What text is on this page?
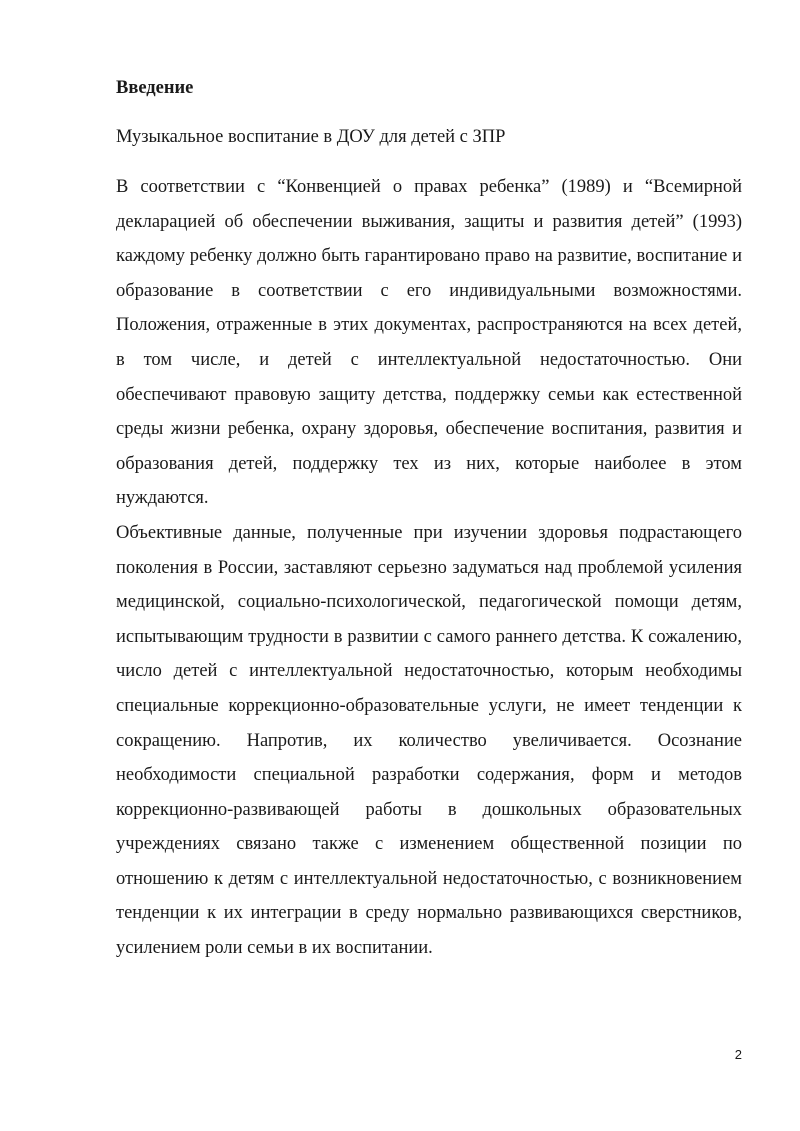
Введение

Музыкальное воспитание в ДОУ для детей с ЗПР

В соответствии с “Конвенцией о правах ребенка” (1989) и “Всемирной декларацией об обеспечении выживания, защиты и развития детей” (1993) каждому ребенку должно быть гарантировано право на развитие, воспитание и образование в соответствии с его индивидуальными возможностями. Положения, отраженные в этих документах, распространяются на всех детей, в том числе, и детей с интеллектуальной недостаточностью. Они обеспечивают правовую защиту детства, поддержку семьи как естественной среды жизни ребенка, охрану здоровья, обеспечение воспитания, развития и образования детей, поддержку тех из них, которые наиболее в этом нуждаются.

Объективные данные, полученные при изучении здоровья подрастающего поколения в России, заставляют серьезно задуматься над проблемой усиления медицинской, социально-психологической, педагогической помощи детям, испытывающим трудности в развитии с самого раннего детства. К сожалению, число детей с интеллектуальной недостаточностью, которым необходимы специальные коррекционно-образовательные услуги, не имеет тенденции к сокращению. Напротив, их количество увеличивается. Осознание необходимости специальной разработки содержания, форм и методов коррекционно-развивающей работы в дошкольных образовательных учреждениях связано также с изменением общественной позиции по отношению к детям с интеллектуальной недостаточностью, с возникновением тенденции к их интеграции в среду нормально развивающихся сверстников, усилением роли семьи в их воспитании.

2
